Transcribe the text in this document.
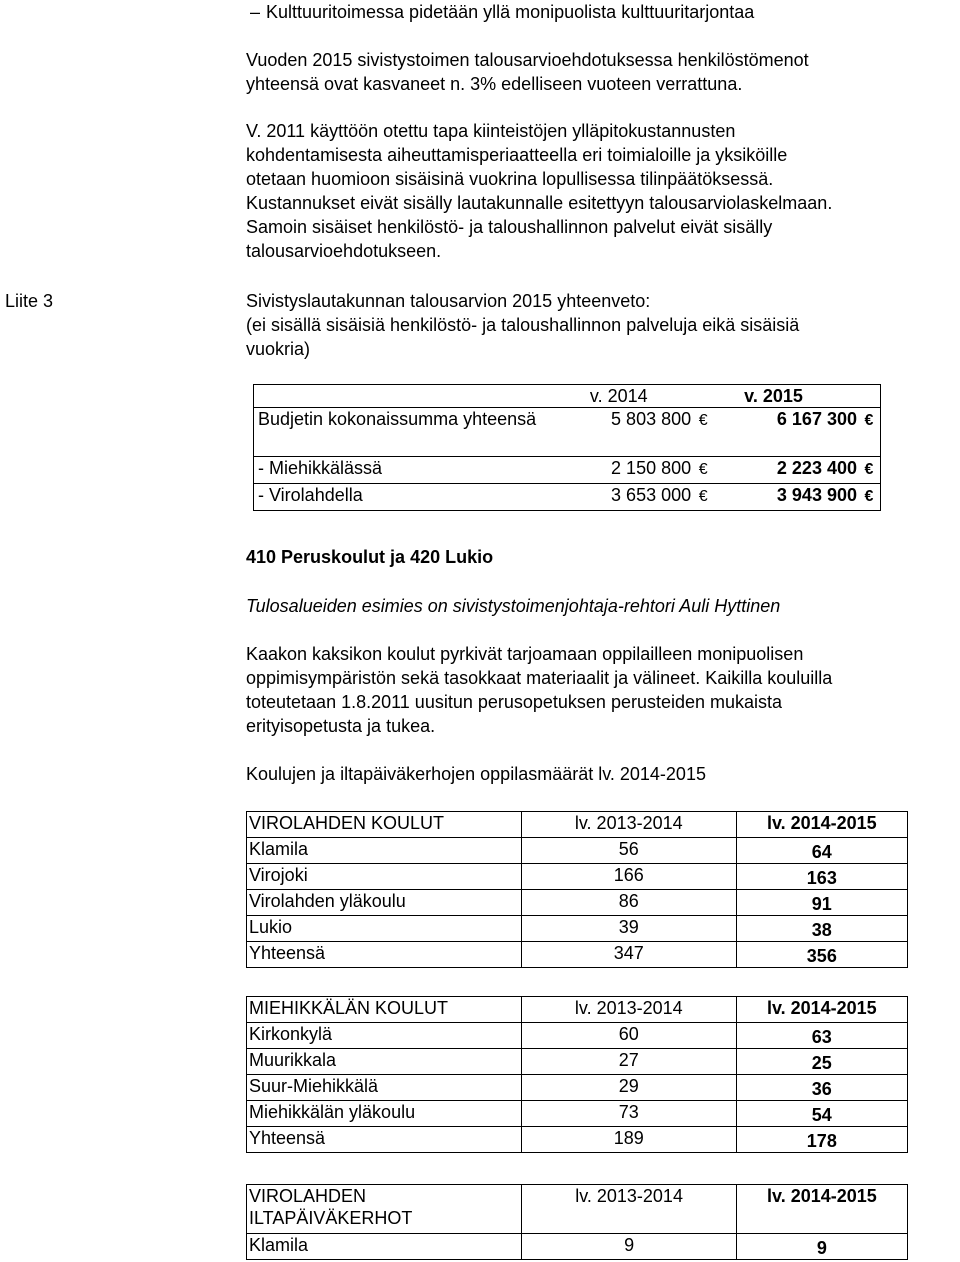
– Kulttuuritoimessa pidetään yllä monipuolista kulttuuritarjontaa

Vuoden 2015 sivistystoimen talousarvioehdotuksessa henkilöstömenot
yhteensä ovat kasvaneet n. 3% edelliseen vuoteen verrattuna.

V. 2011 käyttöön otettu tapa kiinteistöjen ylläpitokustannusten
kohdentamisesta aiheuttamisperiaatteella eri toimialoille ja yksiköille
otetaan huomioon sisäisinä vuokrina lopullisessa tilinpäätöksessä.
Kustannukset eivät sisälly lautakunnalle esitettyyn talousarviolaskelmaan.
Samoin sisäiset henkilöstö- ja taloushallinnon palvelut eivät sisälly
talousarvioehdotukseen.

Liite 3	Sivistyslautakunnan talousarvion 2015 yhteenveto:
(ei sisällä sisäisiä henkilöstö- ja taloushallinnon palveluja eikä sisäisiä
vuokria)

	v. 2014	v. 2015
Budjetin kokonaissumma yhteensä	5 803 800 €	6 167 300 €
- Miehikkälässä	2 150 800 €	2 223 400 €
- Virolahdella	3 653 000 €	3 943 900 €
410 Peruskoulut ja 420 Lukio
Tulosalueiden esimies on sivistystoimenjohtaja-rehtori Auli Hyttinen

Kaakon kaksikon koulut pyrkivät tarjoamaan oppilailleen monipuolisen
oppimisympäristön sekä tasokkaat materiaalit ja välineet. Kaikilla kouluilla
toteutetaan 1.8.2011 uusitun perusopetuksen perusteiden mukaista
erityisopetusta ja tukea.

Koulujen ja iltapäiväkerhojen oppilasmäärät lv. 2014-2015
VIROLAHDEN KOULUT	lv. 2013-2014	lv. 2014-2015
Klamila	56	64
Virojoki	166	163
Virolahden yläkoulu	86	91
Lukio	39	38
Yhteensä	347	356
MIEHIKKÄLÄN KOULUT	lv. 2013-2014	lv. 2014-2015
Kirkonkylä	60	63
Muurikkala	27	25
Suur-Miehikkälä	29	36
Miehikkälän yläkoulu	73	54
Yhteensä	189	178
VIROLAHDEN ILTAPÄIVÄKERHOT	lv. 2013-2014	lv. 2014-2015
Klamila	9	9
